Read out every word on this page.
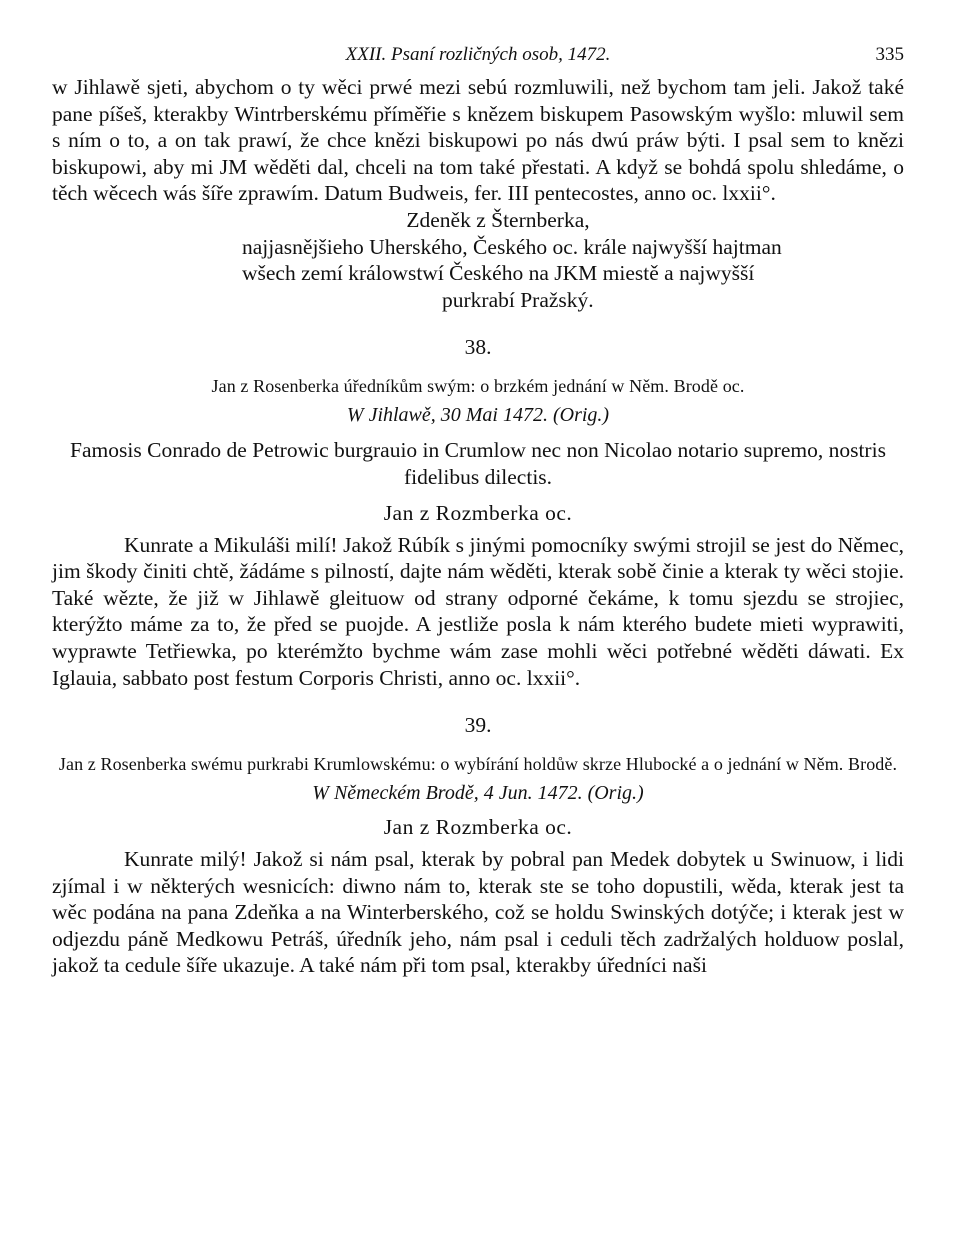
XXII. Psaní rozličných osob, 1472.	335

w Jihlawě sjeti, abychom o ty wěci prwé mezi sebú rozmluwili, než bychom tam jeli. Jakož také pane píšeš, kterakby Wintrberskému příměřie s knězem biskupem Pasowským wyšlo: mluwil sem s ním o to, a on tak prawí, že chce knězi biskupowi po nás dwú práw býti. I psal sem to knězi biskupowi, aby mi JM wěděti dal, chceli na tom také přestati. A když se bohdá spolu shledáme, o těch wěcech wás šíře zprawím. Datum Budweis, fer. III pentecostes, anno oc. lxxii°.

Zdeněk z Šternberka,
najjasnějšieho Uherského, Českého oc. krále najwyšší hajtman
wšech zemí králowstwí Českého na JKM miestě a najwyšší
purkrabí Pražský.
38.
Jan z Rosenberka úředníkům swým: o brzkém jednání w Něm. Brodě oc.
W Jihlawě, 30 Mai 1472. (Orig.)

Famosis Conrado de Petrowic burgrauio in Crumlow nec non Nicolao notario supremo, nostris fidelibus dilectis.

Jan z Rozmberka oc.

Kunrate a Mikuláši milí! Jakož Rúbík s jinými pomocníky swými strojil se jest do Němec, jim škody činiti chtě, žádáme s pilností, dajte nám wěděti, kterak sobě činie a kterak ty wěci stojie. Také wězte, že již w Jihlawě gleituow od strany odporné čekáme, k tomu sjezdu se strojiec, kterýžto máme za to, že před se puojde. A jestliže posla k nám kterého budete mieti wyprawiti, wyprawte Tetřiewka, po kterémžto bychme wám zase mohli wěci potřebné wěděti dáwati. Ex Iglauia, sabbato post festum Corporis Christi, anno oc. lxxii°.

39.
Jan z Rosenberka swému purkrabi Krumlowskému: o wybírání holdůw skrze Hlubocké a o jednání w Něm. Brodě.
W Německém Brodě, 4 Jun. 1472. (Orig.)
Jan z Rozmberka oc.

Kunrate milý! Jakož si nám psal, kterak by pobral pan Medek dobytek u Swinuow, i lidi zjímal i w některých wesnicích: diwno nám to, kterak ste se toho dopustili, wěda, kterak jest ta wěc podána na pana Zdeňka a na Winterberského, což se holdu Swinských dotýče; i kterak jest w odjezdu páně Medkowu Petráš, úředník jeho, nám psal i ceduli těch zadržalých holduow poslal, jakož ta cedule šíře ukazuje. A také nám při tom psal, kterakby úředníci naši
